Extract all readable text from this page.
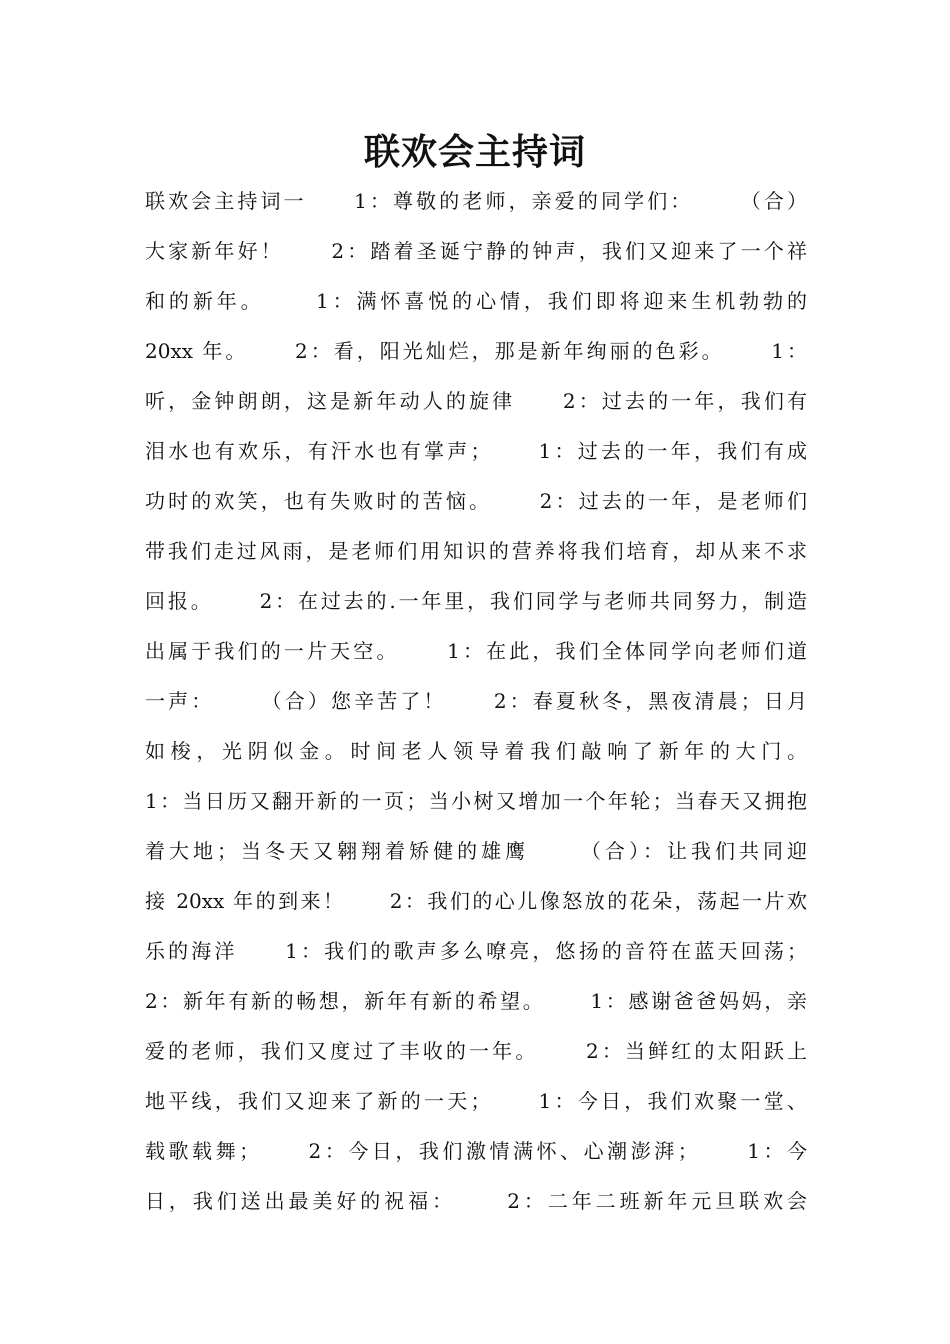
联欢会主持词
联欢会主持词一     1：尊敬的老师，亲爱的同学们：     （合）
大家新年好！     2：踏着圣诞宁静的钟声，我们又迎来了一个祥
和的新年。     1：满怀喜悦的心情，我们即将迎来生机勃勃的
20xx 年。     2：看，阳光灿烂，那是新年绚丽的色彩。     1：
听，金钟朗朗，这是新年动人的旋律     2：过去的一年，我们有
泪水也有欢乐，有汗水也有掌声；     1：过去的一年，我们有成
功时的欢笑，也有失败时的苦恼。     2：过去的一年，是老师们
带我们走过风雨，是老师们用知识的营养将我们培育，却从来不求
回报。     2：在过去的.一年里，我们同学与老师共同努力，制造
出属于我们的一片天空。     1：在此，我们全体同学向老师们道
一声：     （合）您辛苦了！     2：春夏秋冬，黑夜清晨；日月
如梭，光阴似金。时间老人领导着我们敲响了新年的大门。
1：当日历又翻开新的一页；当小树又增加一个年轮；当春天又拥抱
着大地；当冬天又翱翔着矫健的雄鹰     （合）：让我们共同迎
接 20xx 年的到来！     2：我们的心儿像怒放的花朵，荡起一片欢
乐的海洋     1：我们的歌声多么嘹亮，悠扬的音符在蓝天回荡；
2：新年有新的畅想，新年有新的希望。     1：感谢爸爸妈妈，亲
爱的老师，我们又度过了丰收的一年。     2：当鲜红的太阳跃上
地平线，我们又迎来了新的一天；     1：今日，我们欢聚一堂、
载歌载舞；     2：今日，我们激情满怀、心潮澎湃；     1：今
日，我们送出最美好的祝福：     2：二年二班新年元旦联欢会
